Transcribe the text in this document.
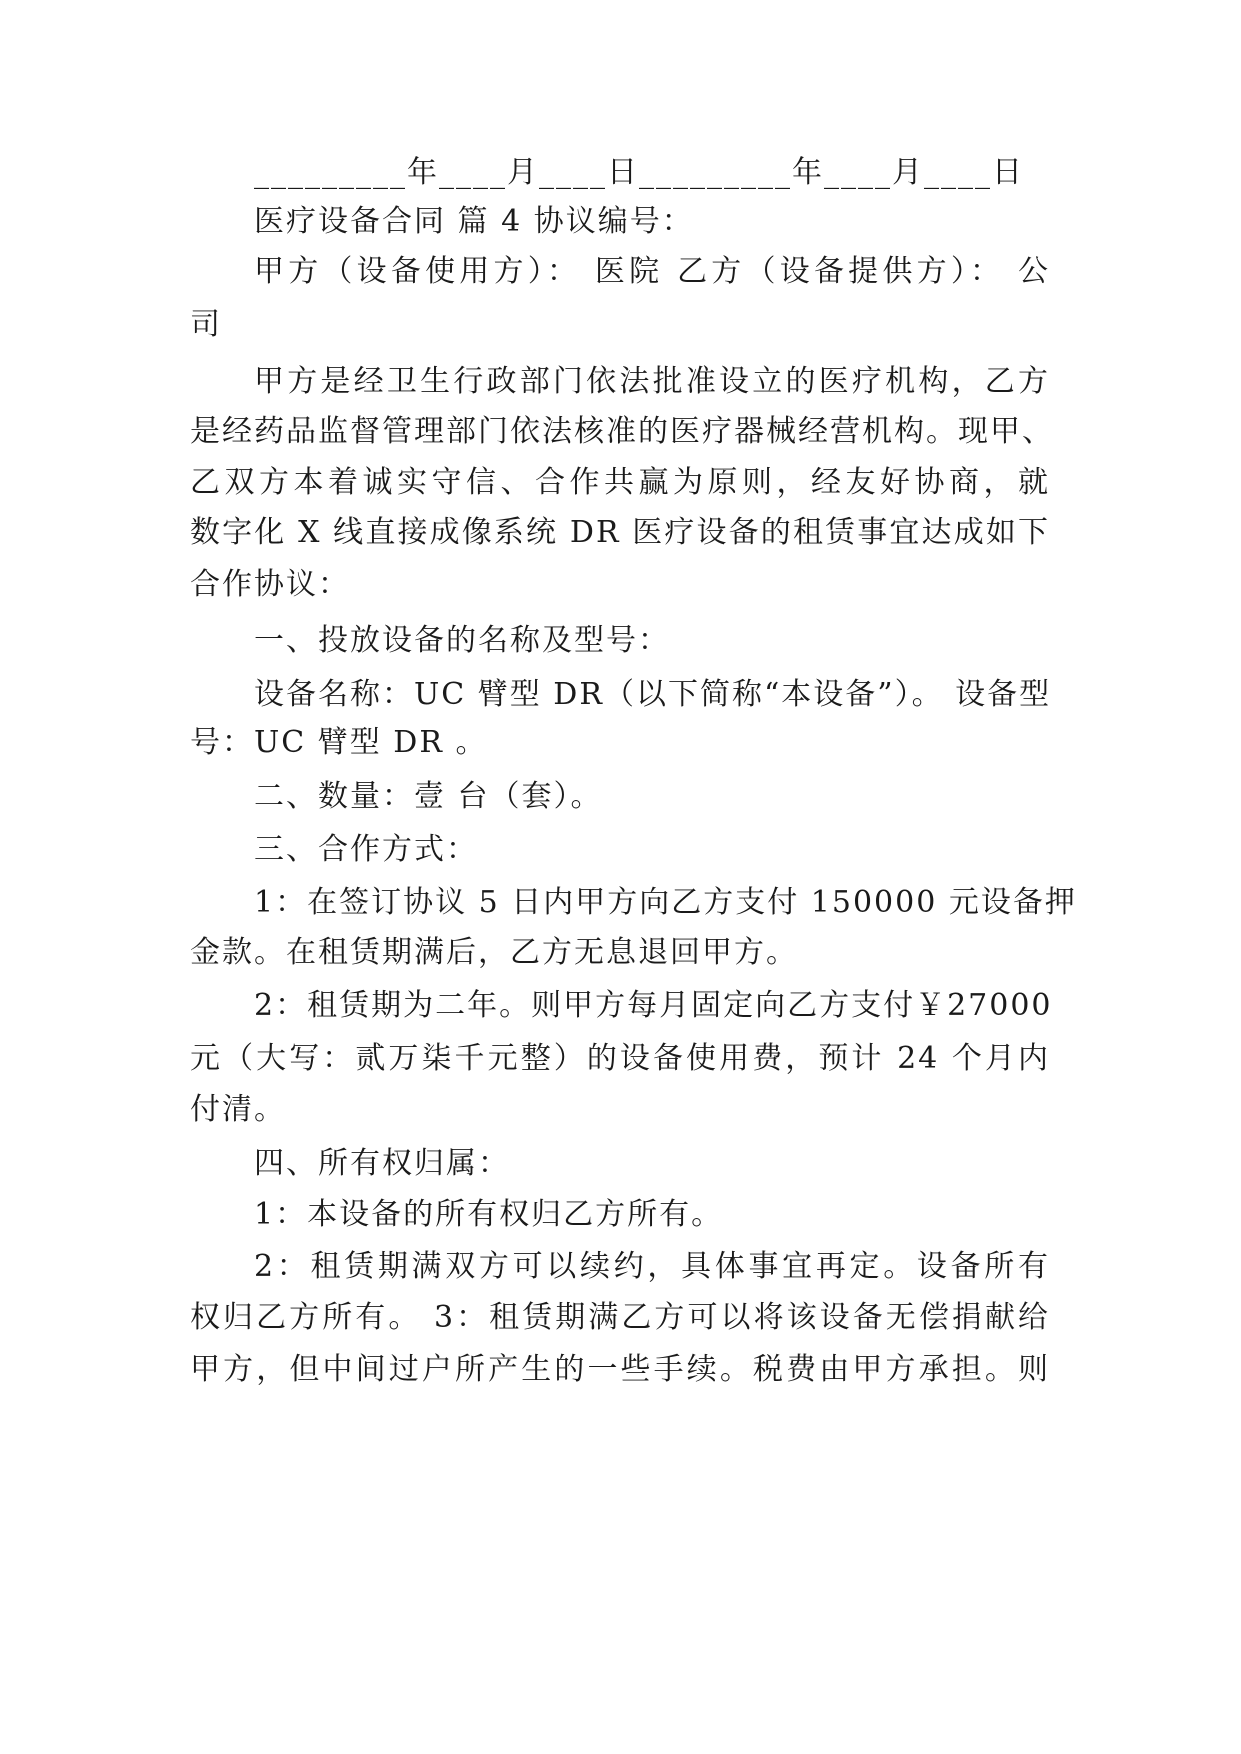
_________年____月____日_________年____月____日
医疗设备合同 篇 4 协议编号：
甲方（设备使用方）： 医院 乙方（设备提供方）： 公
司
甲方是经卫生行政部门依法批准设立的医疗机构，乙方
是经药品监督管理部门依法核准的医疗器械经营机构。现甲、
乙双方本着诚实守信、合作共赢为原则，经友好协商，就
数字化 X 线直接成像系统 DR 医疗设备的租赁事宜达成如下
合作协议：
一、投放设备的名称及型号：
设备名称：UC 臂型 DR（以下简称“本设备”）。 设备型
号：UC 臂型 DR 。
二、数量：壹 台（套）。
三、合作方式：
1：在签订协议 5 日内甲方向乙方支付 150000 元设备押
金款。在租赁期满后，乙方无息退回甲方。
2：租赁期为二年。则甲方每月固定向乙方支付￥27000
元（大写：贰万柒千元整）的设备使用费，预计 24 个月内
付清。
四、所有权归属：
1：本设备的所有权归乙方所有。
2：租赁期满双方可以续约，具体事宜再定。设备所有
权归乙方所有。 3：租赁期满乙方可以将该设备无偿捐献给
甲方，但中间过户所产生的一些手续。税费由甲方承担。则
